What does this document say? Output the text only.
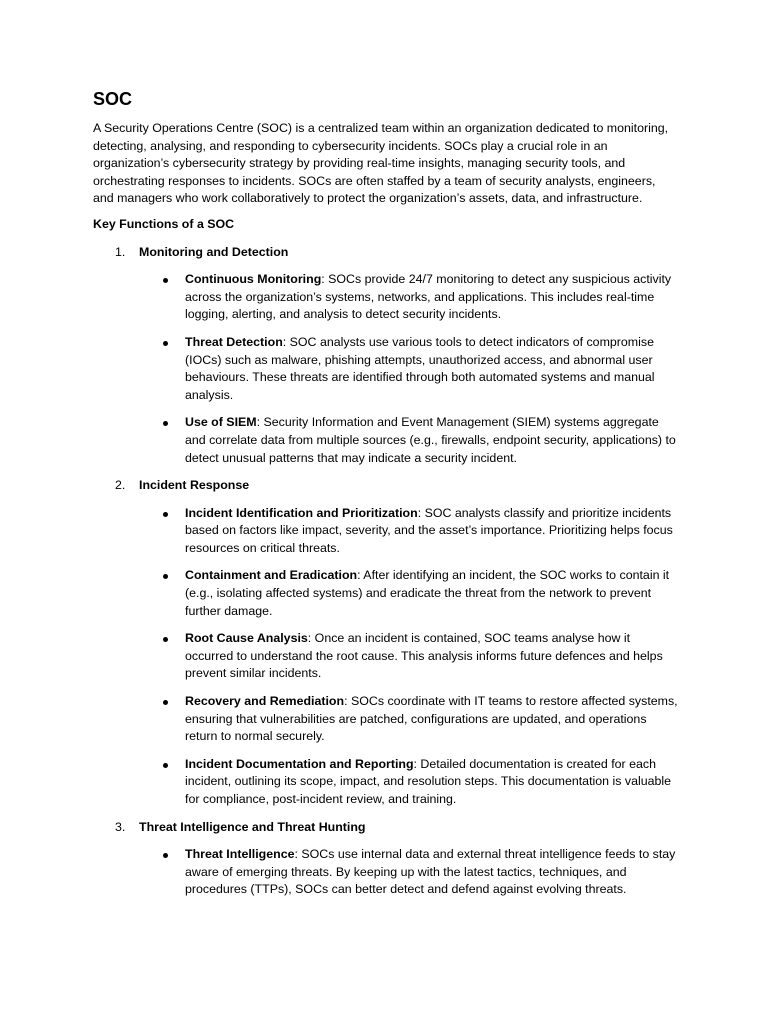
SOC

A Security Operations Centre (SOC) is a centralized team within an organization dedicated to monitoring, detecting, analysing, and responding to cybersecurity incidents. SOCs play a crucial role in an organization’s cybersecurity strategy by providing real-time insights, managing security tools, and orchestrating responses to incidents. SOCs are often staffed by a team of security analysts, engineers, and managers who work collaboratively to protect the organization’s assets, data, and infrastructure.

Key Functions of a SOC
1.	Monitoring and Detection
Continuous Monitoring: SOCs provide 24/7 monitoring to detect any suspicious activity across the organization’s systems, networks, and applications. This includes real-time logging, alerting, and analysis to detect security incidents.
Threat Detection: SOC analysts use various tools to detect indicators of compromise (IOCs) such as malware, phishing attempts, unauthorized access, and abnormal user behaviours. These threats are identified through both automated systems and manual analysis.
Use of SIEM: Security Information and Event Management (SIEM) systems aggregate and correlate data from multiple sources (e.g., firewalls, endpoint security, applications) to detect unusual patterns that may indicate a security incident.
2.	Incident Response
Incident Identification and Prioritization: SOC analysts classify and prioritize incidents based on factors like impact, severity, and the asset’s importance. Prioritizing helps focus resources on critical threats.
Containment and Eradication: After identifying an incident, the SOC works to contain it (e.g., isolating affected systems) and eradicate the threat from the network to prevent further damage.
Root Cause Analysis: Once an incident is contained, SOC teams analyse how it occurred to understand the root cause. This analysis informs future defences and helps prevent similar incidents.
Recovery and Remediation: SOCs coordinate with IT teams to restore affected systems, ensuring that vulnerabilities are patched, configurations are updated, and operations return to normal securely.
Incident Documentation and Reporting: Detailed documentation is created for each incident, outlining its scope, impact, and resolution steps. This documentation is valuable for compliance, post-incident review, and training.
3.	Threat Intelligence and Threat Hunting
Threat Intelligence: SOCs use internal data and external threat intelligence feeds to stay aware of emerging threats. By keeping up with the latest tactics, techniques, and procedures (TTPs), SOCs can better detect and defend against evolving threats.
